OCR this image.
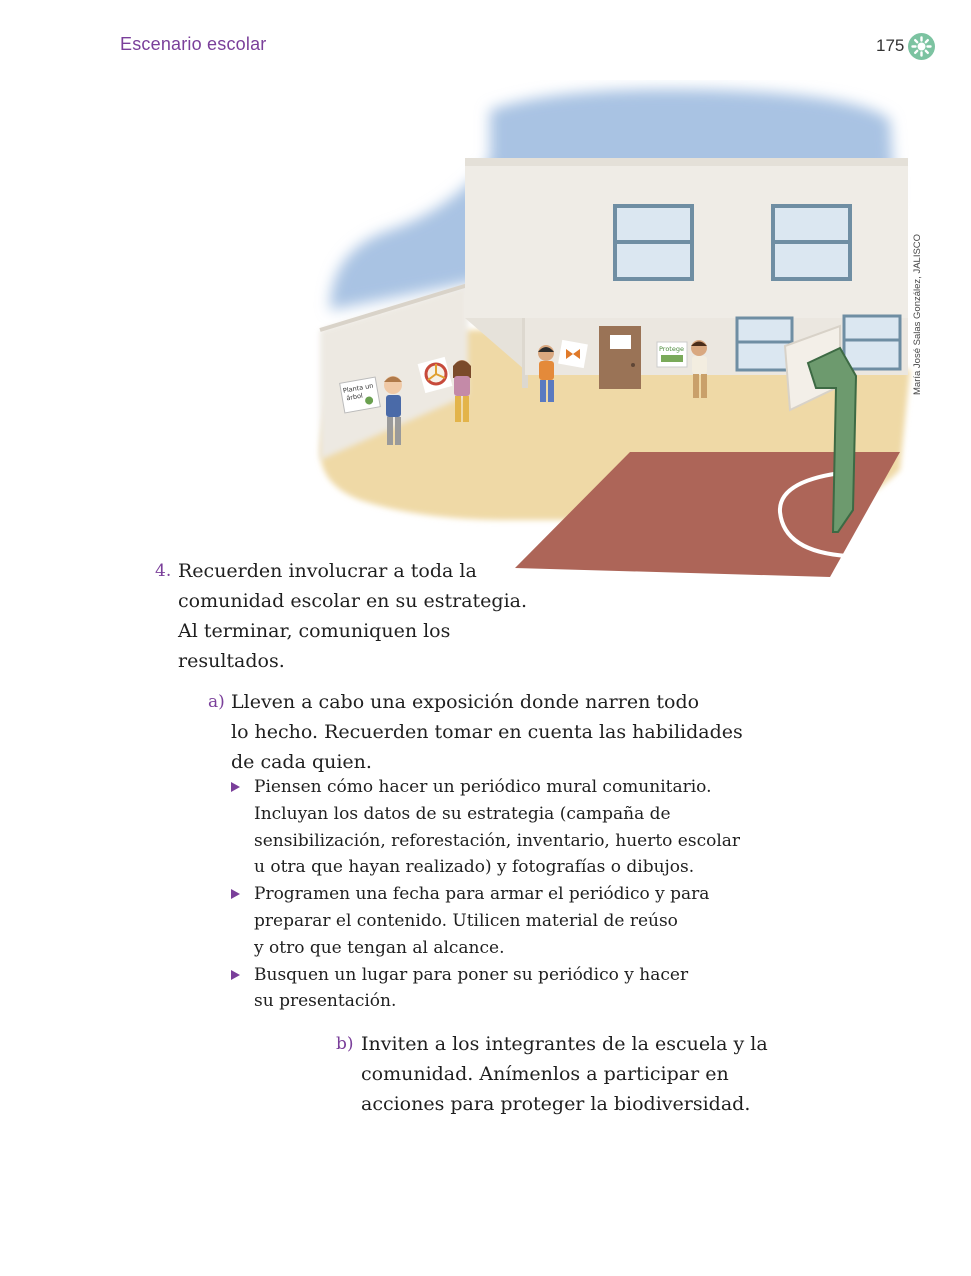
Escenario escolar	175
Planta un
árbol
Protege	María José Salas González, JALISCO
4. Recuerden involucrar a toda la
comunidad escolar en su estrategia.
Al terminar, comuniquen los
resultados.
a) Lleven a cabo una exposición donde narren todo
lo hecho. Recuerden tomar en cuenta las habilidades
de cada quien.
Piensen cómo hacer un periódico mural comunitario.
Incluyan los datos de su estrategia (campaña de
sensibilización, reforestación, inventario, huerto escolar
u otra que hayan realizado) y fotografías o dibujos.
Programen una fecha para armar el periódico y para
preparar el contenido. Utilicen material de reúso
y otro que tengan al alcance.
Busquen un lugar para poner su periódico y hacer
su presentación.
b) Inviten a los integrantes de la escuela y la
comunidad. Anímenlos a participar en
acciones para proteger la biodiversidad.
